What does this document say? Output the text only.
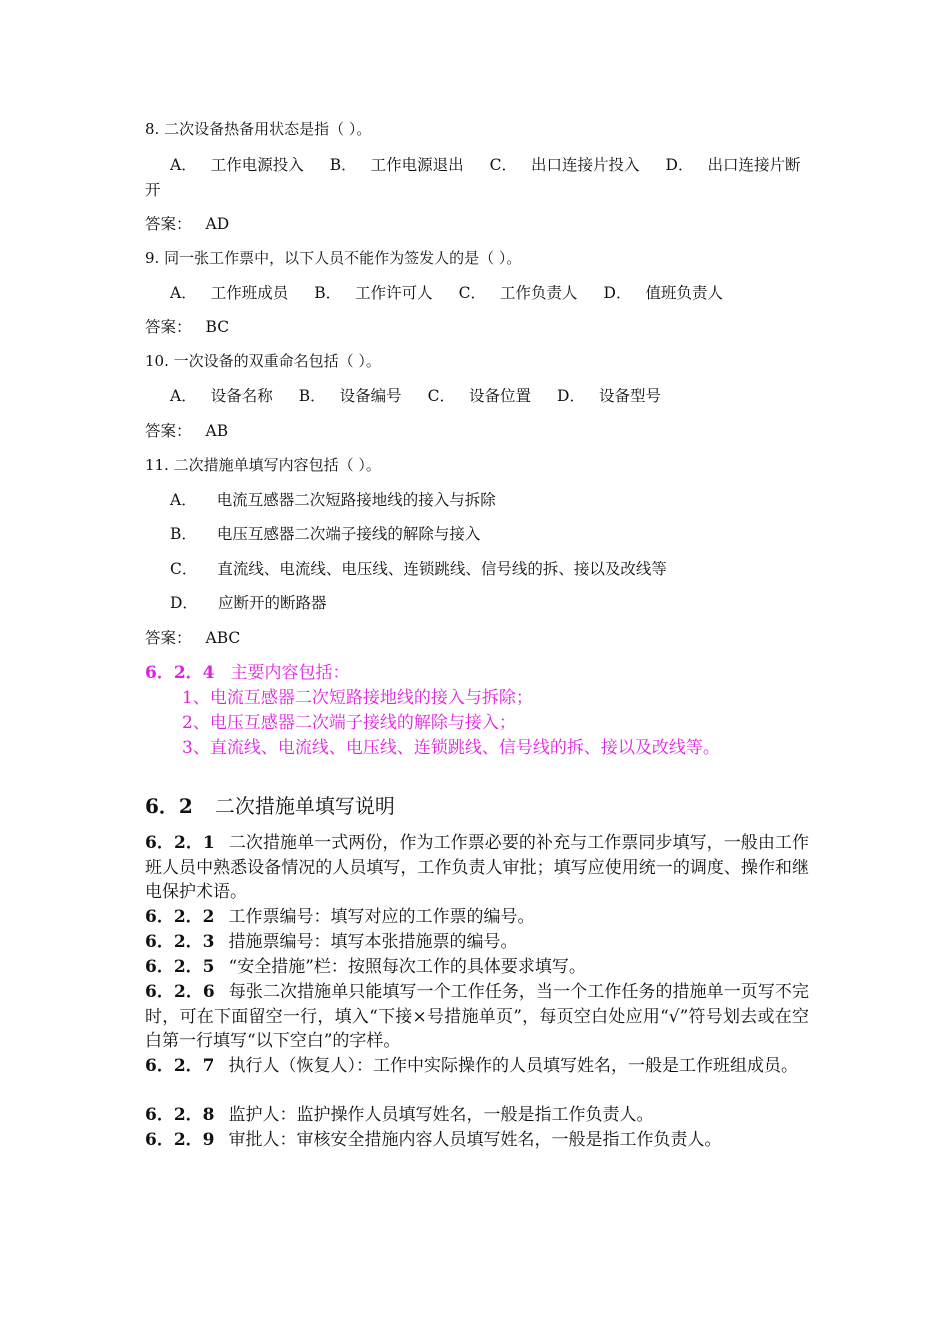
8. 二次设备热备用状态是指（ ）。
A． 工作电源投入 B． 工作电源退出 C． 出口连接片投入 D． 出口连接片断
开
答案： AD
9. 同一张工作票中，以下人员不能作为签发人的是（ ）。
A． 工作班成员 B． 工作许可人 C． 工作负责人 D． 值班负责人
答案： BC
10. 一次设备的双重命名包括（ ）。
A． 设备名称 B． 设备编号 C． 设备位置 D． 设备型号
答案： AB
11. 二次措施单填写内容包括（ ）。
A． 电流互感器二次短路接地线的接入与拆除
B． 电压互感器二次端子接线的解除与接入
C． 直流线、电流线、电压线、连锁跳线、信号线的拆、接以及改线等
D． 应断开的断路器
答案： ABC
6．2．4 主要内容包括：
1、电流互感器二次短路接地线的接入与拆除；
2、电压互感器二次端子接线的解除与接入；
3、直流线、电流线、电压线、连锁跳线、信号线的拆、接以及改线等。
6．2 二次措施单填写说明
6．2．1 二次措施单一式两份，作为工作票必要的补充与工作票同步填写，一般由工作班人员中熟悉设备情况的人员填写，工作负责人审批；填写应使用统一的调度、操作和继电保护术语。
6．2．2 工作票编号：填写对应的工作票的编号。
6．2．3 措施票编号：填写本张措施票的编号。
6．2．5 “安全措施”栏：按照每次工作的具体要求填写。
6．2．6 每张二次措施单只能填写一个工作任务，当一个工作任务的措施单一页写不完时，可在下面留空一行，填入“下接×号措施单页”，每页空白处应用“√”符号划去或在空白第一行填写“以下空白”的字样。
6．2．7 执行人（恢复人）：工作中实际操作的人员填写姓名，一般是工作班组成员。
6．2．8 监护人：监护操作人员填写姓名，一般是指工作负责人。
6．2．9 审批人：审核安全措施内容人员填写姓名，一般是指工作负责人。
